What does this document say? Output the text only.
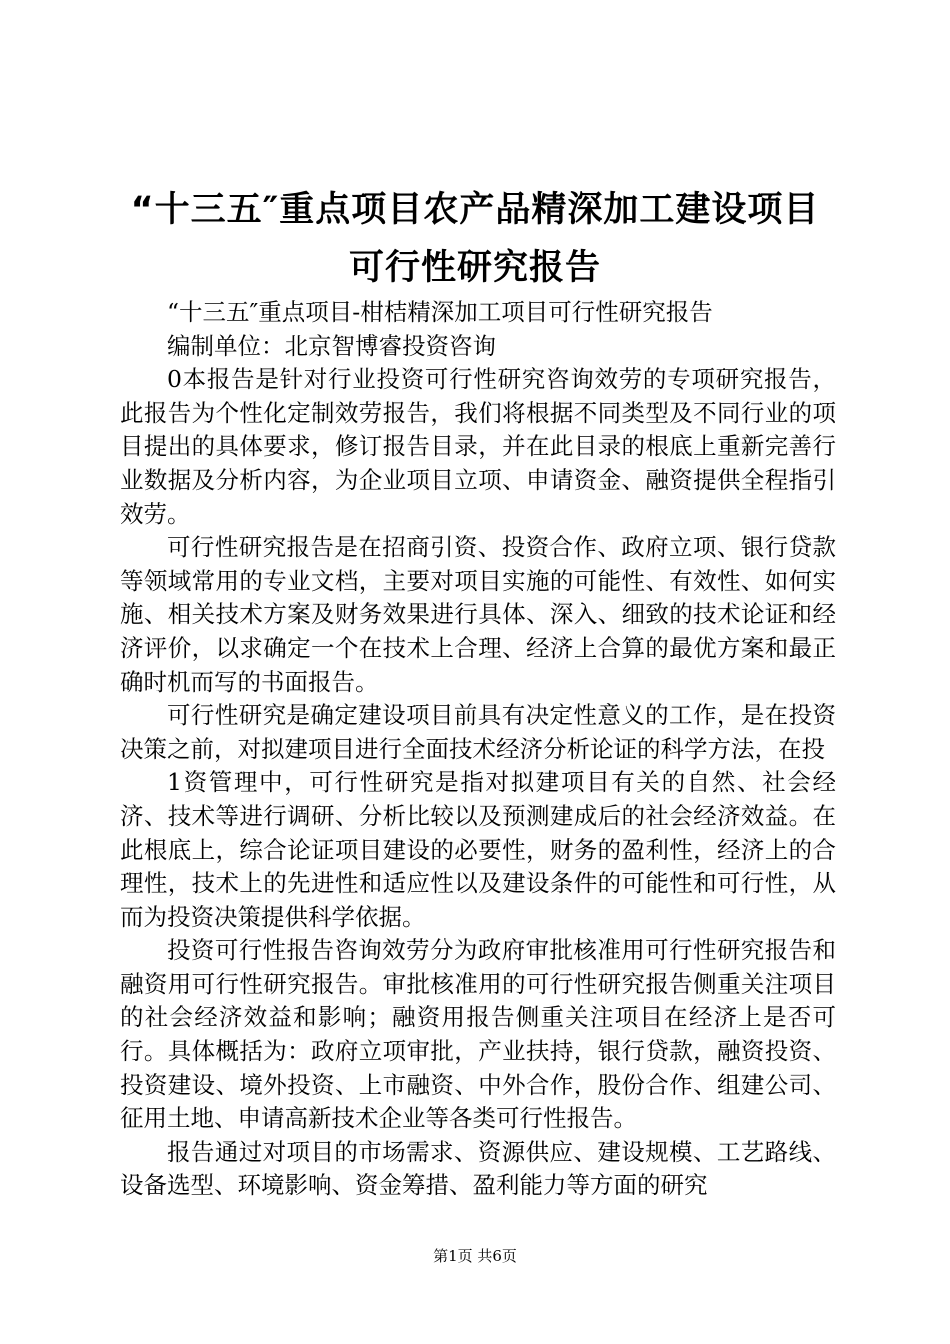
“十三五″重点项目农产品精深加工建设项目
可行性研究报告

“十三五″重点项目-柑桔精深加工项目可行性研究报告

编制单位：北京智博睿投资咨询

0本报告是针对行业投资可行性研究咨询效劳的专项研究报告，此报告为个性化定制效劳报告，我们将根据不同类型及不同行业的项目提出的具体要求，修订报告目录，并在此目录的根底上重新完善行业数据及分析内容，为企业项目立项、申请资金、融资提供全程指引效劳。

可行性研究报告是在招商引资、投资合作、政府立项、银行贷款等领域常用的专业文档，主要对项目实施的可能性、有效性、如何实施、相关技术方案及财务效果进行具体、深入、细致的技术论证和经济评价，以求确定一个在技术上合理、经济上合算的最优方案和最正确时机而写的书面报告。

可行性研究是确定建设项目前具有决定性意义的工作，是在投资决策之前，对拟建项目进行全面技术经济分析论证的科学方法，在投

1资管理中，可行性研究是指对拟建项目有关的自然、社会经济、技术等进行调研、分析比较以及预测建成后的社会经济效益。在此根底上，综合论证项目建设的必要性，财务的盈利性，经济上的合理性，技术上的先进性和适应性以及建设条件的可能性和可行性，从而为投资决策提供科学依据。

投资可行性报告咨询效劳分为政府审批核准用可行性研究报告和融资用可行性研究报告。审批核准用的可行性研究报告侧重关注项目的社会经济效益和影响；融资用报告侧重关注项目在经济上是否可行。具体概括为：政府立项审批，产业扶持，银行贷款，融资投资、投资建设、境外投资、上市融资、中外合作，股份合作、组建公司、征用土地、申请高新技术企业等各类可行性报告。

报告通过对项目的市场需求、资源供应、建设规模、工艺路线、设备选型、环境影响、资金筹措、盈利能力等方面的研究

第1页 共6页
